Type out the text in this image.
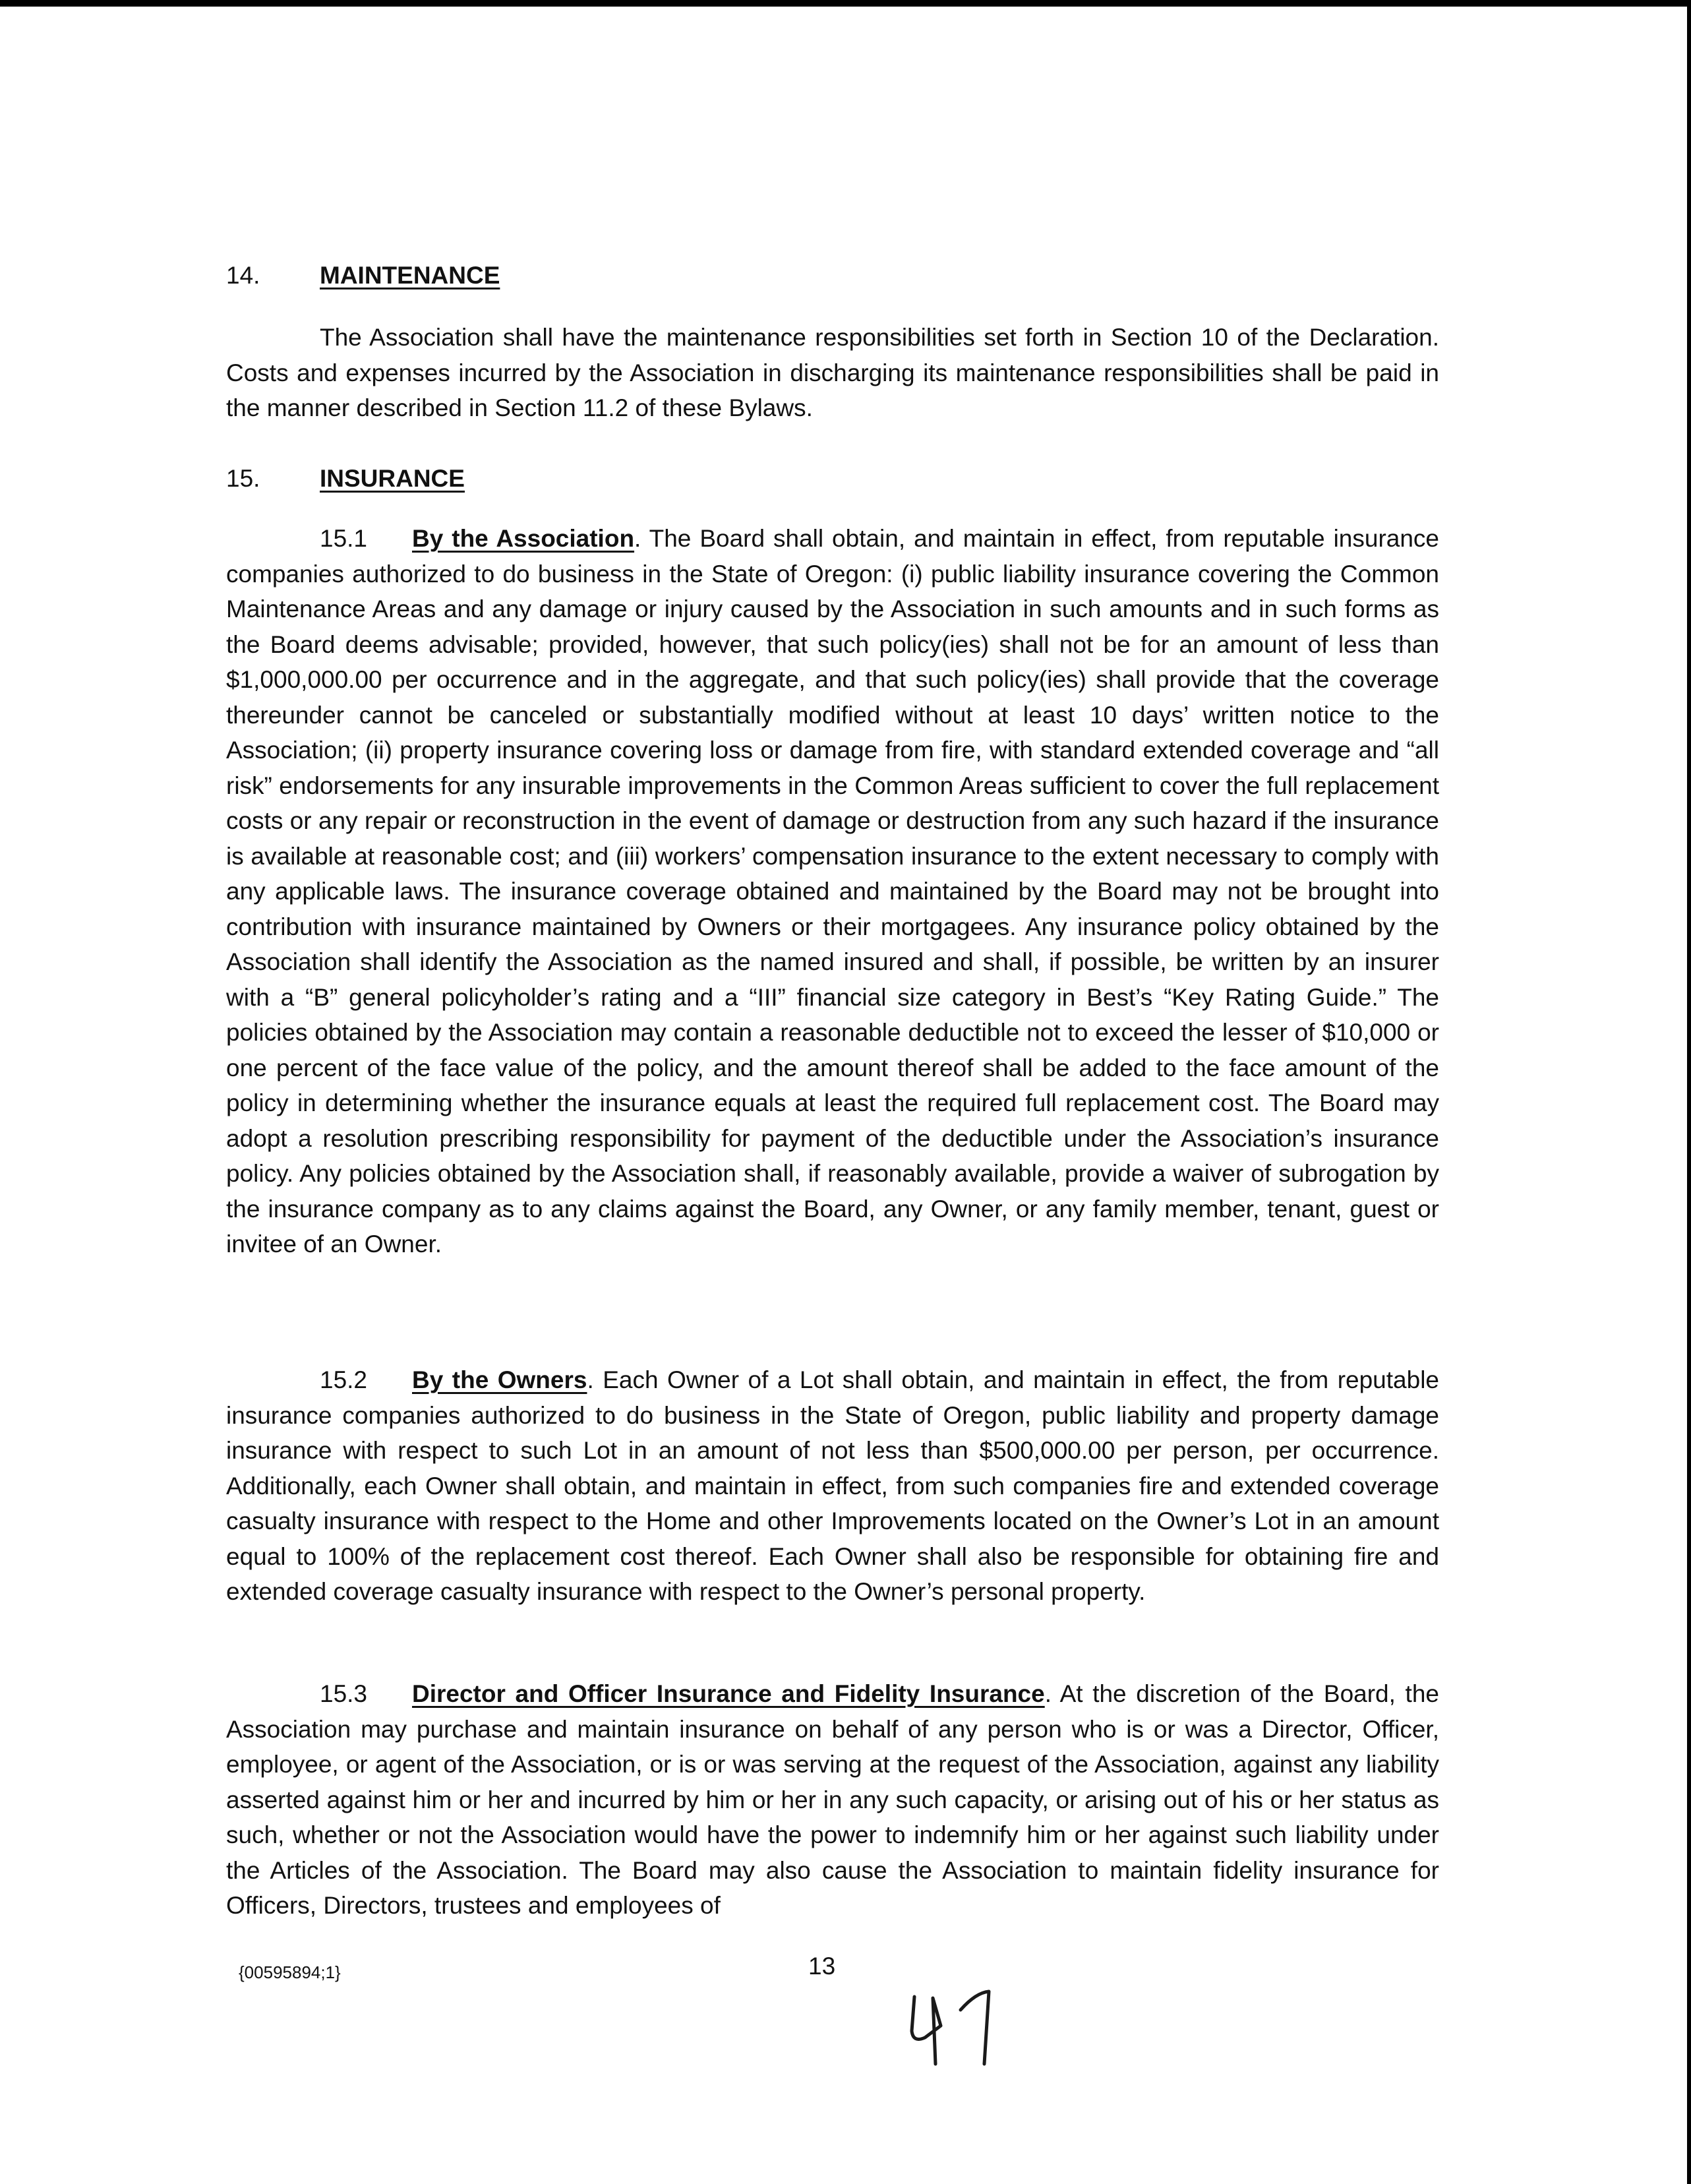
14. MAINTENANCE

The Association shall have the maintenance responsibilities set forth in Section 10 of the Declaration. Costs and expenses incurred by the Association in discharging its maintenance responsibilities shall be paid in the manner described in Section 11.2 of these Bylaws.

15. INSURANCE

15.1 By the Association. The Board shall obtain, and maintain in effect, from reputable insurance companies authorized to do business in the State of Oregon: (i) public liability insurance covering the Common Maintenance Areas and any damage or injury caused by the Association in such amounts and in such forms as the Board deems advisable; provided, however, that such policy(ies) shall not be for an amount of less than $1,000,000.00 per occurrence and in the aggregate, and that such policy(ies) shall provide that the coverage thereunder cannot be canceled or substantially modified without at least 10 days’ written notice to the Association; (ii) property insurance covering loss or damage from fire, with standard extended coverage and “all risk” endorsements for any insurable improvements in the Common Areas sufficient to cover the full replacement costs or any repair or reconstruction in the event of damage or destruction from any such hazard if the insurance is available at reasonable cost; and (iii) workers’ compensation insurance to the extent necessary to comply with any applicable laws. The insurance coverage obtained and maintained by the Board may not be brought into contribution with insurance maintained by Owners or their mortgagees. Any insurance policy obtained by the Association shall identify the Association as the named insured and shall, if possible, be written by an insurer with a “B” general policyholder’s rating and a “III” financial size category in Best’s “Key Rating Guide.” The policies obtained by the Association may contain a reasonable deductible not to exceed the lesser of $10,000 or one percent of the face value of the policy, and the amount thereof shall be added to the face amount of the policy in determining whether the insurance equals at least the required full replacement cost. The Board may adopt a resolution prescribing responsibility for payment of the deductible under the Association’s insurance policy. Any policies obtained by the Association shall, if reasonably available, provide a waiver of subrogation by the insurance company as to any claims against the Board, any Owner, or any family member, tenant, guest or invitee of an Owner.

15.2 By the Owners. Each Owner of a Lot shall obtain, and maintain in effect, the from reputable insurance companies authorized to do business in the State of Oregon, public liability and property damage insurance with respect to such Lot in an amount of not less than $500,000.00 per person, per occurrence. Additionally, each Owner shall obtain, and maintain in effect, from such companies fire and extended coverage casualty insurance with respect to the Home and other Improvements located on the Owner’s Lot in an amount equal to 100% of the replacement cost thereof. Each Owner shall also be responsible for obtaining fire and extended coverage casualty insurance with respect to the Owner’s personal property.

15.3 Director and Officer Insurance and Fidelity Insurance. At the discretion of the Board, the Association may purchase and maintain insurance on behalf of any person who is or was a Director, Officer, employee, or agent of the Association, or is or was serving at the request of the Association, against any liability asserted against him or her and incurred by him or her in any such capacity, or arising out of his or her status as such, whether or not the Association would have the power to indemnify him or her against such liability under the Articles of the Association. The Board may also cause the Association to maintain fidelity insurance for Officers, Directors, trustees and employees of

{00595894;1}	13
